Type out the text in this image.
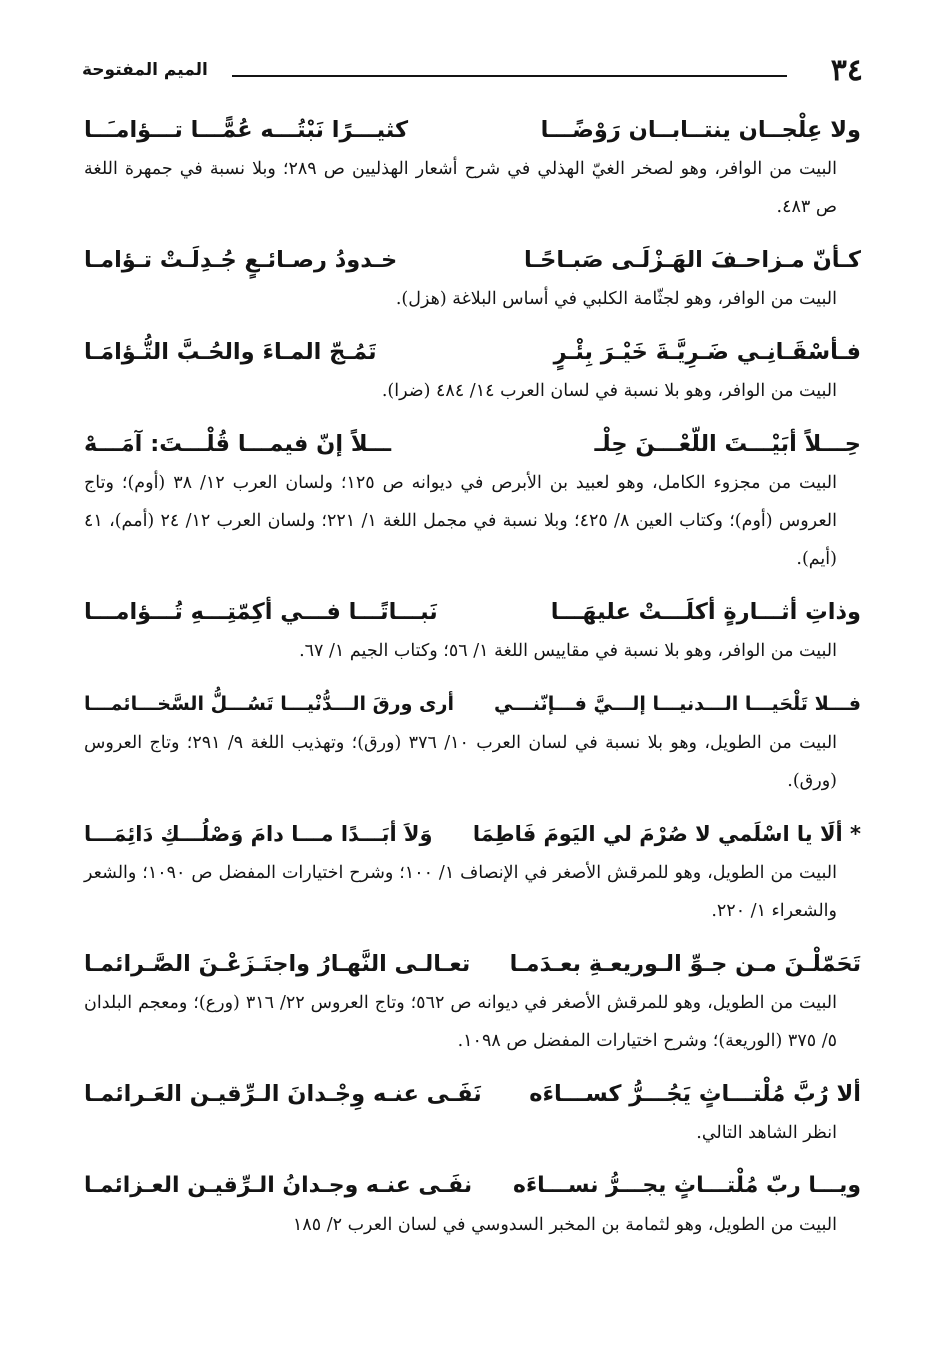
٣٤
الميم المفتوحة
ولا عِلْجــان ينتــابــان رَوْضًـــا
كثيـــرًا نَبْتُـــه عُمًّـــا تـــؤامـَــا
البيت من الوافر، وهو لصخر الغيّ الهذلي في شرح أشعار الهذليين ص ٢٨٩؛ وبلا نسبة في جمهرة اللغة ص ٤٨٣.
كـأنّ مـزاحـفَ الهَـزْلَـى صَبـاحًـا
خـدودُ رصـائـعٍ جُـدِلَـتْ تـؤامـا
البيت من الوافر، وهو لجثّامة الكلبي في أساس البلاغة (هزل).
فـأسْقَـانِـي ضَـرِيَّـةَ خَيْـرَ بِئْـرٍ
تَمُـجّ المـاءَ والحُـبَّ التُّـؤامَـا
البيت من الوافر، وهو بلا نسبة في لسان العرب ١٤/ ٤٨٤ (ضرا).
حِـــلاً أبَيْـــتَ اللّعْـــنَ حِلْـ
ـــلاً إنّ فيمـــا قُلْـــتَ: آمَـــهْ
البيت من مجزوء الكامل، وهو لعبيد بن الأبرص في ديوانه ص ١٢٥؛ ولسان العرب ١٢/ ٣٨ (أوم)؛ وتاج العروس (أوم)؛ وكتاب العين ٨/ ٤٢٥؛ وبلا نسبة في مجمل اللغة ١/ ٢٢١؛ ولسان العرب ١٢/ ٢٤ (أمم)، ٤١ (أيم).
وذاتِ أثـــارةٍ أكلَـــتْ عليهَـــا
نَبـــاتًـــا فـــي أكِمّتِـــهِ تُـــؤامـــا
البيت من الوافر، وهو بلا نسبة في مقاييس اللغة ١/ ٥٦؛ وكتاب الجيم ١/ ٦٧.
فـــلا تَلْحَيـــا الـــدنيـــا إلـــيَّ فـــإنّنـــي
أرى ورقَ الـــدُّنْيـــا تَسُـــلُّ السَّخـــائمـــا
البيت من الطويل، وهو بلا نسبة في لسان العرب ١٠/ ٣٧٦ (ورق)؛ وتهذيب اللغة ٩/ ٢٩١؛ وتاج العروس (ورق).
* ألَا يا اسْلَمي لا صُرْمَ لي اليَومَ فَاطِمَا
وَلاَ أبَـــدًا مـــا دامَ وَصْلُـــكِ دَائِمَـــا
البيت من الطويل، وهو للمرقش الأصغر في الإنصاف ١/ ١٠٠؛ وشرح اختيارات المفضل ص ١٠٩٠؛ والشعر والشعراء ١/ ٢٢٠.
تَحَمّلْـنَ مـن جـوِّ الـوريعـةِ بعـدَمـا
تعـالـى النَّهـارُ واجتَـزَعْـنَ الصَّـرائمـا
البيت من الطويل، وهو للمرقش الأصغر في ديوانه ص ٥٦٢؛ وتاج العروس ٢٢/ ٣١٦ (ورع)؛ ومعجم البلدان ٥/ ٣٧٥ (الوريعة)؛ وشرح اختيارات المفضل ص ١٠٩٨.
ألا رُبَّ مُلْتـــاثٍ يَجُـــرُّ كســـاءَه
نَفَـى عنـه وِجْـدانَ الـرِّقيـن العَـرائمـا
انظر الشاهد التالي.
ويـــا ربّ مُلْتـــاثٍ يجـــرُّ نســـاءَه
نفَـى عنـه وجـدانُ الـرِّقيـن العـزائمـا
البيت من الطويل، وهو لثمامة بن المخبر السدوسي في لسان العرب ٢/ ١٨٥
